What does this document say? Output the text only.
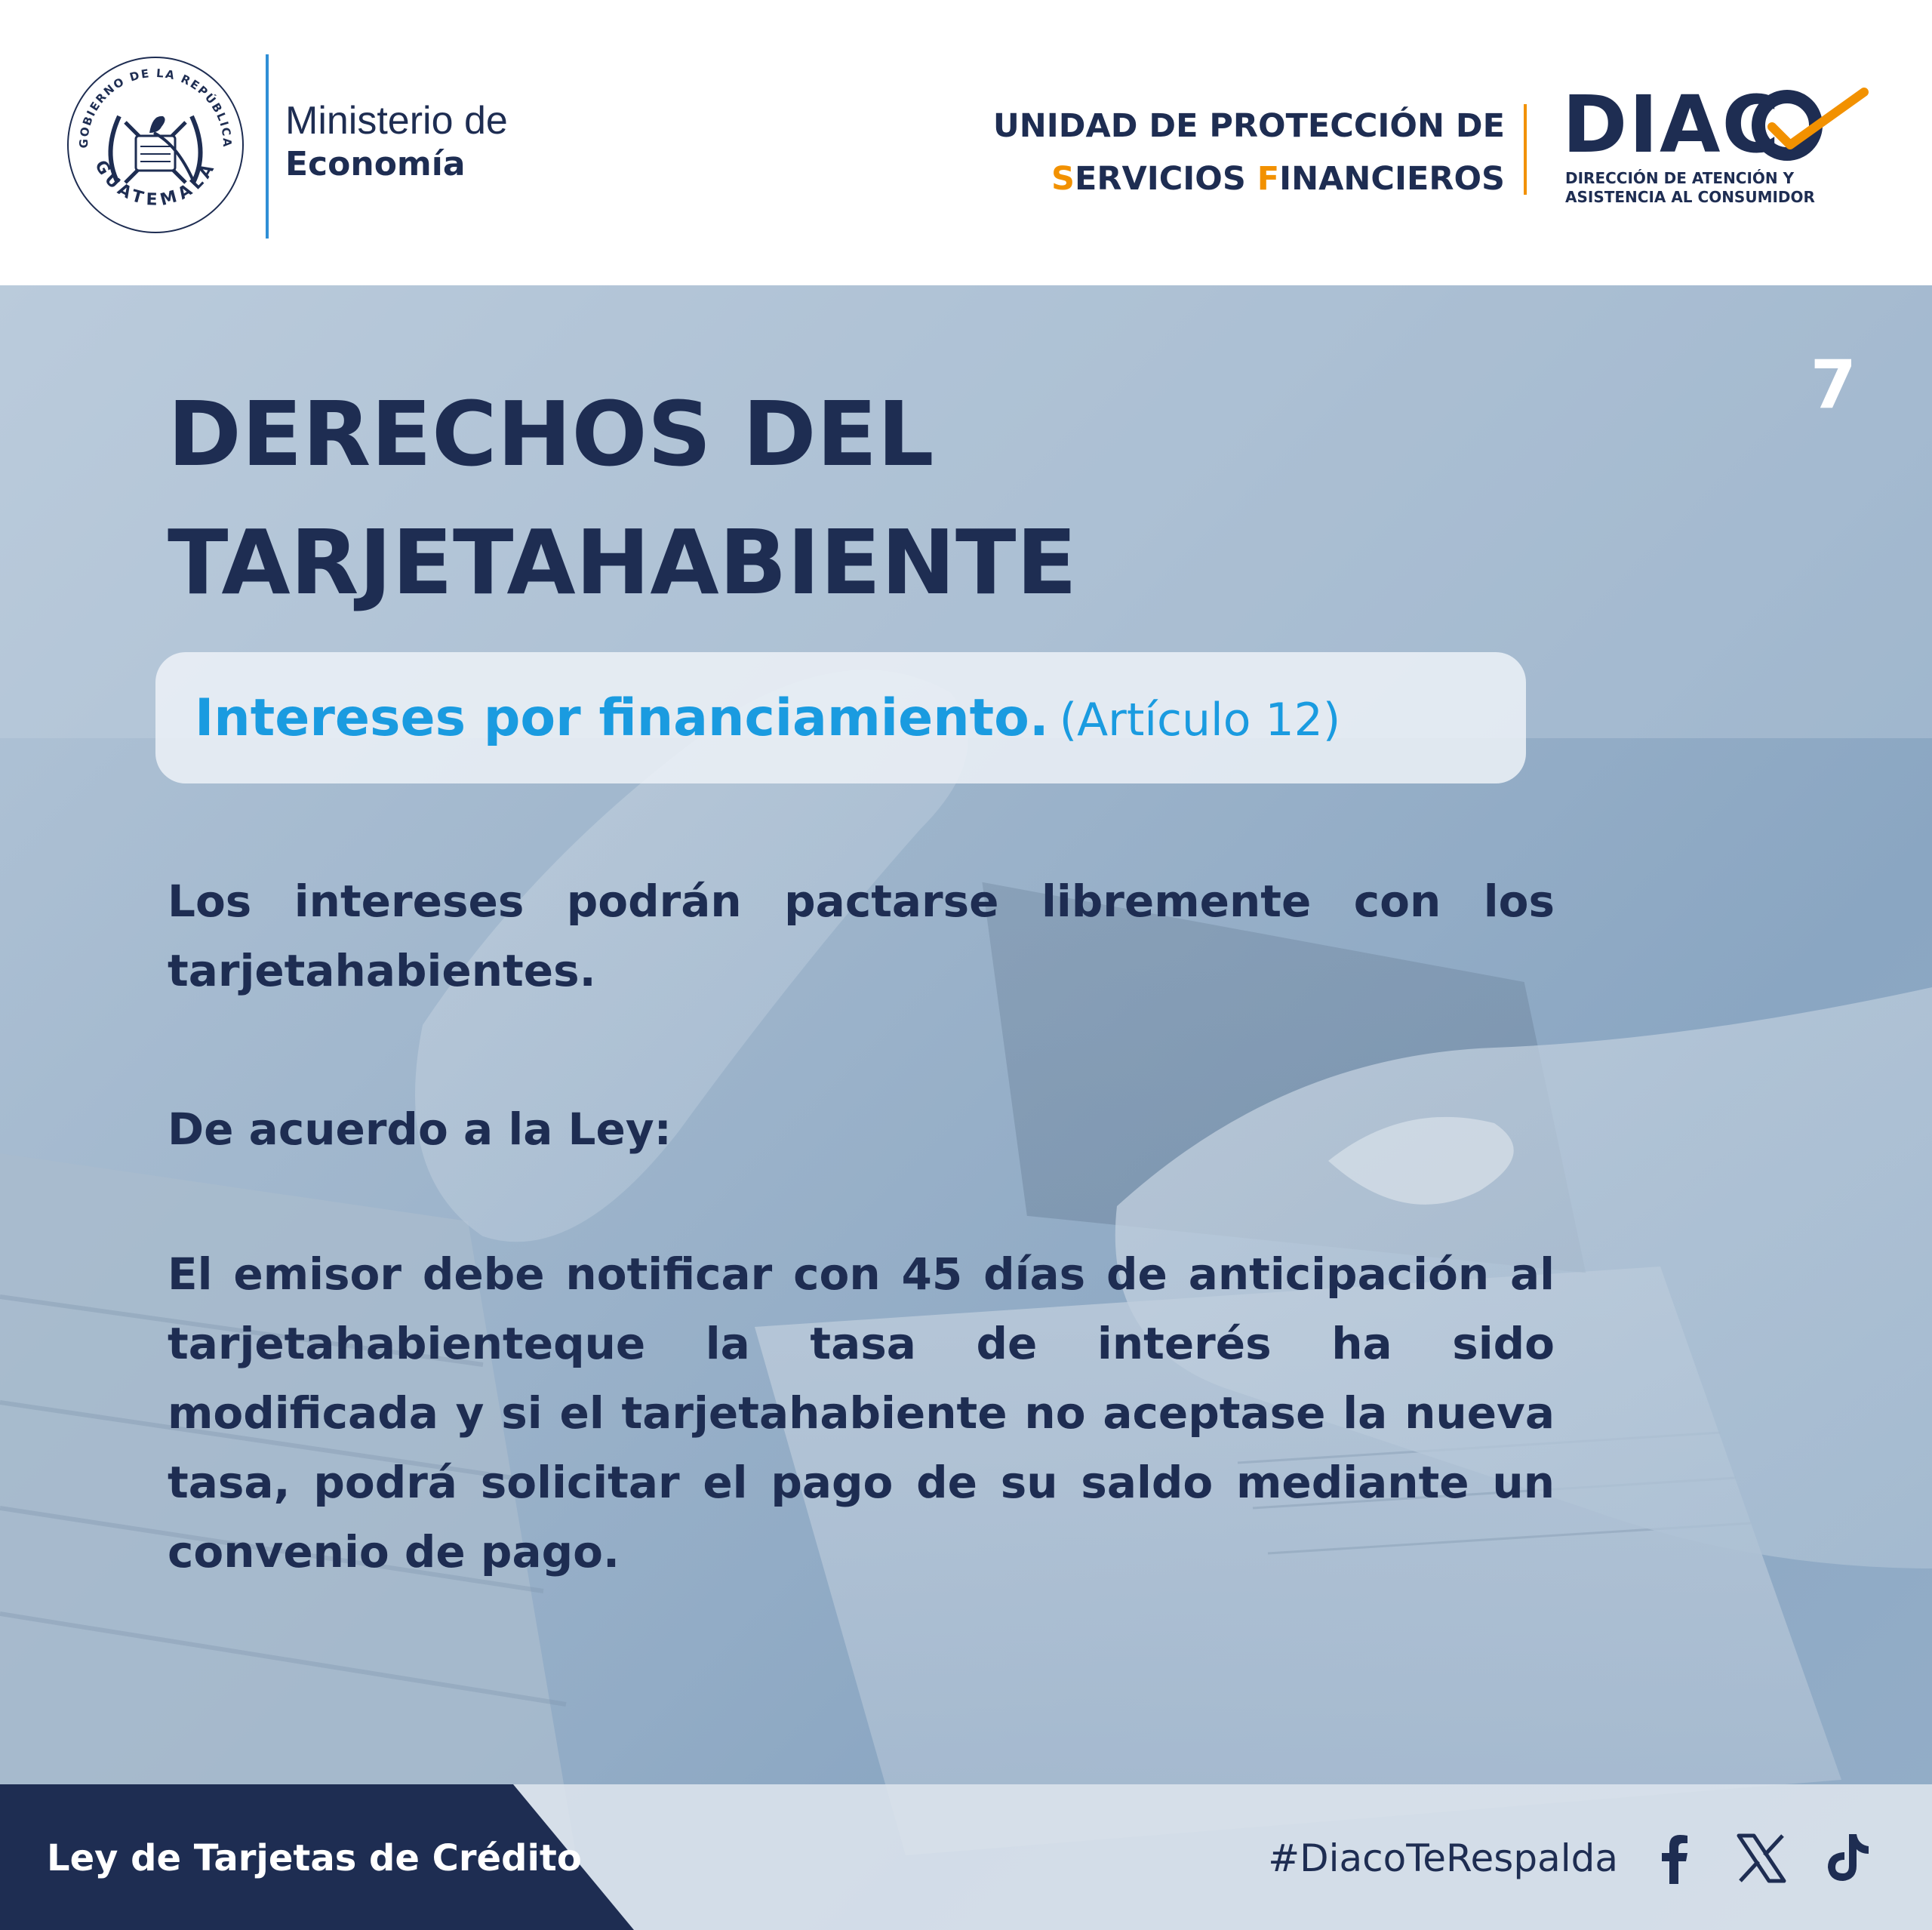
GOBIERNO DE LA REPÚBLICA
GUATEMALA
Ministerio de
Economía
UNIDAD DE PROTECCIÓN DE
SERVICIOS FINANCIEROS
DIAC
DIRECCIÓN DE ATENCIÓN Y
ASISTENCIA AL CONSUMIDOR
7
DERECHOS DEL
TARJETAHABIENTE
Intereses por financiamiento. (Artículo 12)

Los intereses podrán pactarse libremente con los tarjetahabientes.

De acuerdo a la Ley:

El emisor debe notificar con 45 días de anticipación al tarjetahabienteque la tasa de interés ha sido modificada y si el tarjetahabiente no aceptase la nueva tasa, podrá solicitar el pago de su saldo mediante un convenio de pago.

Ley de Tarjetas de Crédito	#DiacoTeRespalda
